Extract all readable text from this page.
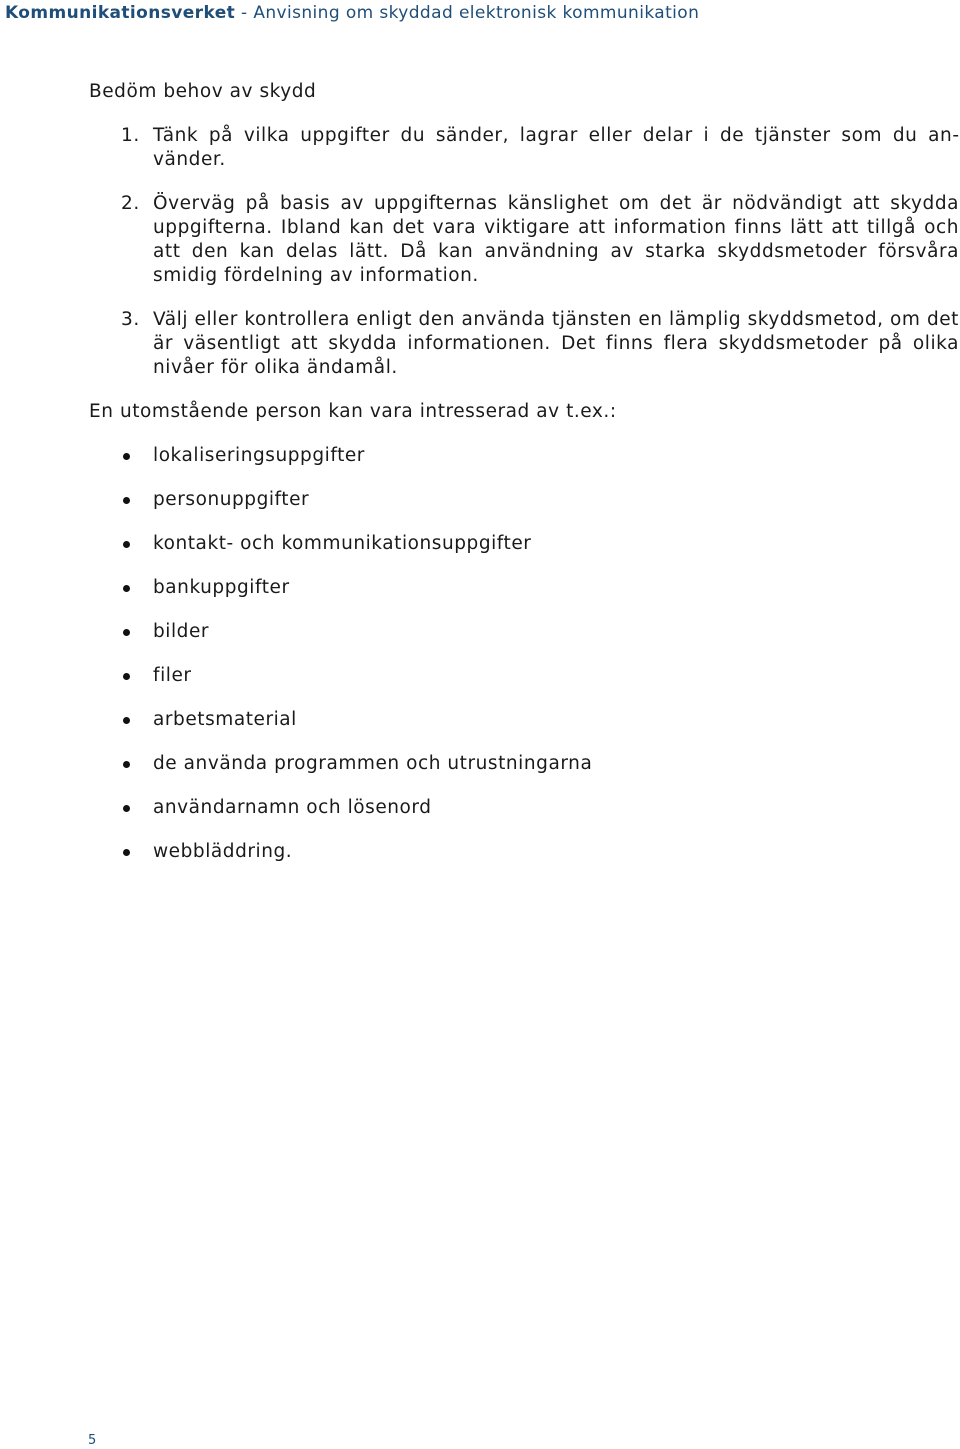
Kommunikationsverket - Anvisning om skyddad elektronisk kommunikation
Bedöm behov av skydd
1. Tänk på vilka uppgifter du sänder, lagrar eller delar i de tjänster som du använder.
2. Överväg på basis av uppgifternas känslighet om det är nödvändigt att skydda uppgifterna. Ibland kan det vara viktigare att information finns lätt att tillgå och att den kan delas lätt. Då kan användning av starka skyddsmetoder försvåra smidig fördelning av information.
3. Välj eller kontrollera enligt den använda tjänsten en lämplig skyddsmetod, om det är väsentligt att skydda informationen. Det finns flera skyddsmetoder på olika nivåer för olika ändamål.
En utomstående person kan vara intresserad av t.ex.:
lokaliseringsuppgifter
personuppgifter
kontakt- och kommunikationsuppgifter
bankuppgifter
bilder
filer
arbetsmaterial
de använda programmen och utrustningarna
användarnamn och lösenord
webbläddring.
5
